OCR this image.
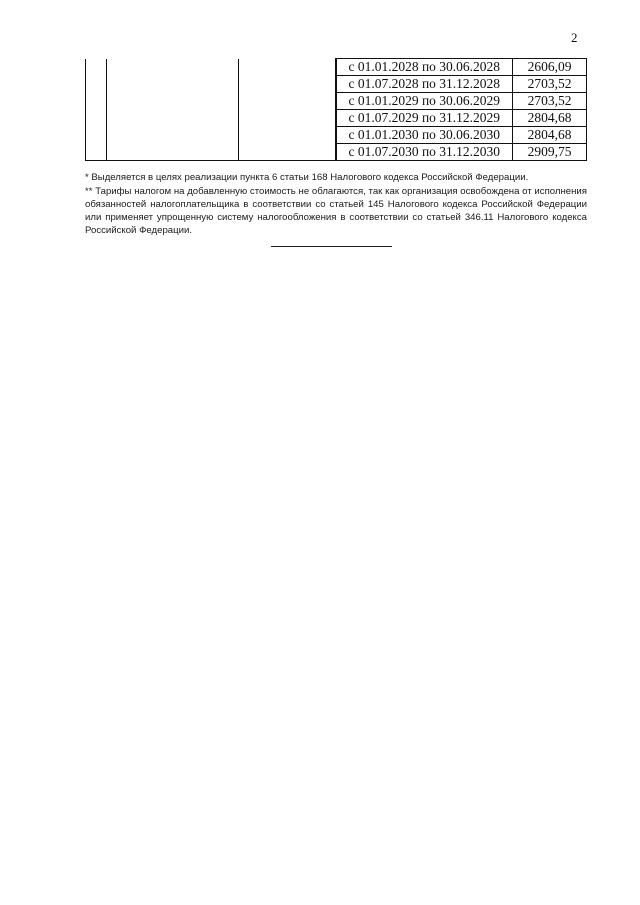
2
			с 01.01.2028 по 30.06.2028	2606,09
			с 01.07.2028 по 31.12.2028	2703,52
			с 01.01.2029 по 30.06.2029	2703,52
			с 01.07.2029 по 31.12.2029	2804,68
			с 01.01.2030 по 30.06.2030	2804,68
			с 01.07.2030 по 31.12.2030	2909,75

* Выделяется в целях реализации пункта 6 статьи 168 Налогового кодекса Российской Федерации.

** Тарифы налогом на добавленную стоимость не облагаются, так как организация освобождена от исполнения обязанностей налогоплательщика в соответствии со статьей 145 Налогового кодекса Российской Федерации или применяет упрощенную систему налогообложения в соответствии со статьей 346.11 Налогового кодекса Российской Федерации.
